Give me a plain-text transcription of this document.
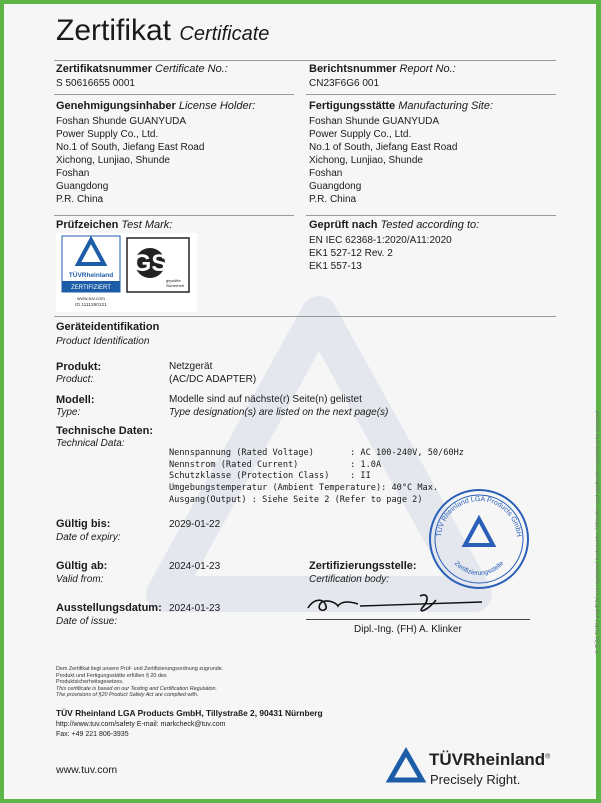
Zertifikat Certificate
Zertifikatsnummer Certificate No.:
S 50616655 0001
Berichtsnummer Report No.:
CN23F6G6 001
Genehmigungsinhaber License Holder:
Foshan Shunde GUANYUDA
Power Supply Co., Ltd.
No.1 of South, Jiefang East Road
Xichong, Lunjiao, Shunde
Foshan
Guangdong
P.R. China
Fertigungsstätte Manufacturing Site:
Foshan Shunde GUANYUDA
Power Supply Co., Ltd.
No.1 of South, Jiefang East Road
Xichong, Lunjiao, Shunde
Foshan
Guangdong
P.R. China
Prüfzeichen Test Mark:
ZERTIFIZIERT
TÜVRheinland
www.tuv.com
ID 1111280121
GS
geprüfte
Sicherheit
Geprüft nach Tested according to:
EN IEC 62368-1:2020/A11:2020
EK1 527-12 Rev. 2
EK1 557-13
Geräteidentifikation
Product Identification
Produkt:
Product:
Netzgerät
(AC/DC ADAPTER)
Modell:
Type:
Modelle sind auf nächste(r) Seite(n) gelistet
Type designation(s) are listed on the next page(s)
Technische Daten:
Technical Data:

Nennspannung (Rated Voltage)       : AC 100-240V, 50/60Hz
Nennstrom (Rated Current)          : 1.0A
Schutzklasse (Protection Class)    : II
Umgebungstemperatur (Ambient Temperature): 40°C Max.
Ausgang(Output) : Siehe Seite 2 (Refer to page 2)

Gültig bis:
Date of expiry:
2029-01-22
Gültig ab:
Valid from:
2024-01-23
Ausstellungsdatum:
Date of issue:
2024-01-23
Zertifizierungsstelle:
Certification body:
Dipl.-Ing. (FH) A. Klinker
TÜV Rheinland LGA Products GmbH
Zertifizierungsstelle
Dem Zertifikat liegt unsere Prüf- und Zertifizierungsordnung zugrunde.
Produkt und Fertigungsstätte erfüllen § 20 des
Produktsicherheitsgesetzes.
This certificate is based on our Testing and Certification Regulation.
The provisions of §20 Product Safety Act are complied with.
TÜV Rheinland LGA Products GmbH, Tillystraße 2, 90431 Nürnberg
http://www.tuv.com/safety E-mail: markcheck@tuv.com
Fax: +49 221 806-3935
www.tuv.com
TÜVRheinland®
Precisely Right.
© TÜV, TUEV and TUV are registered trademarks. Utilisation and application requires prior approval.
